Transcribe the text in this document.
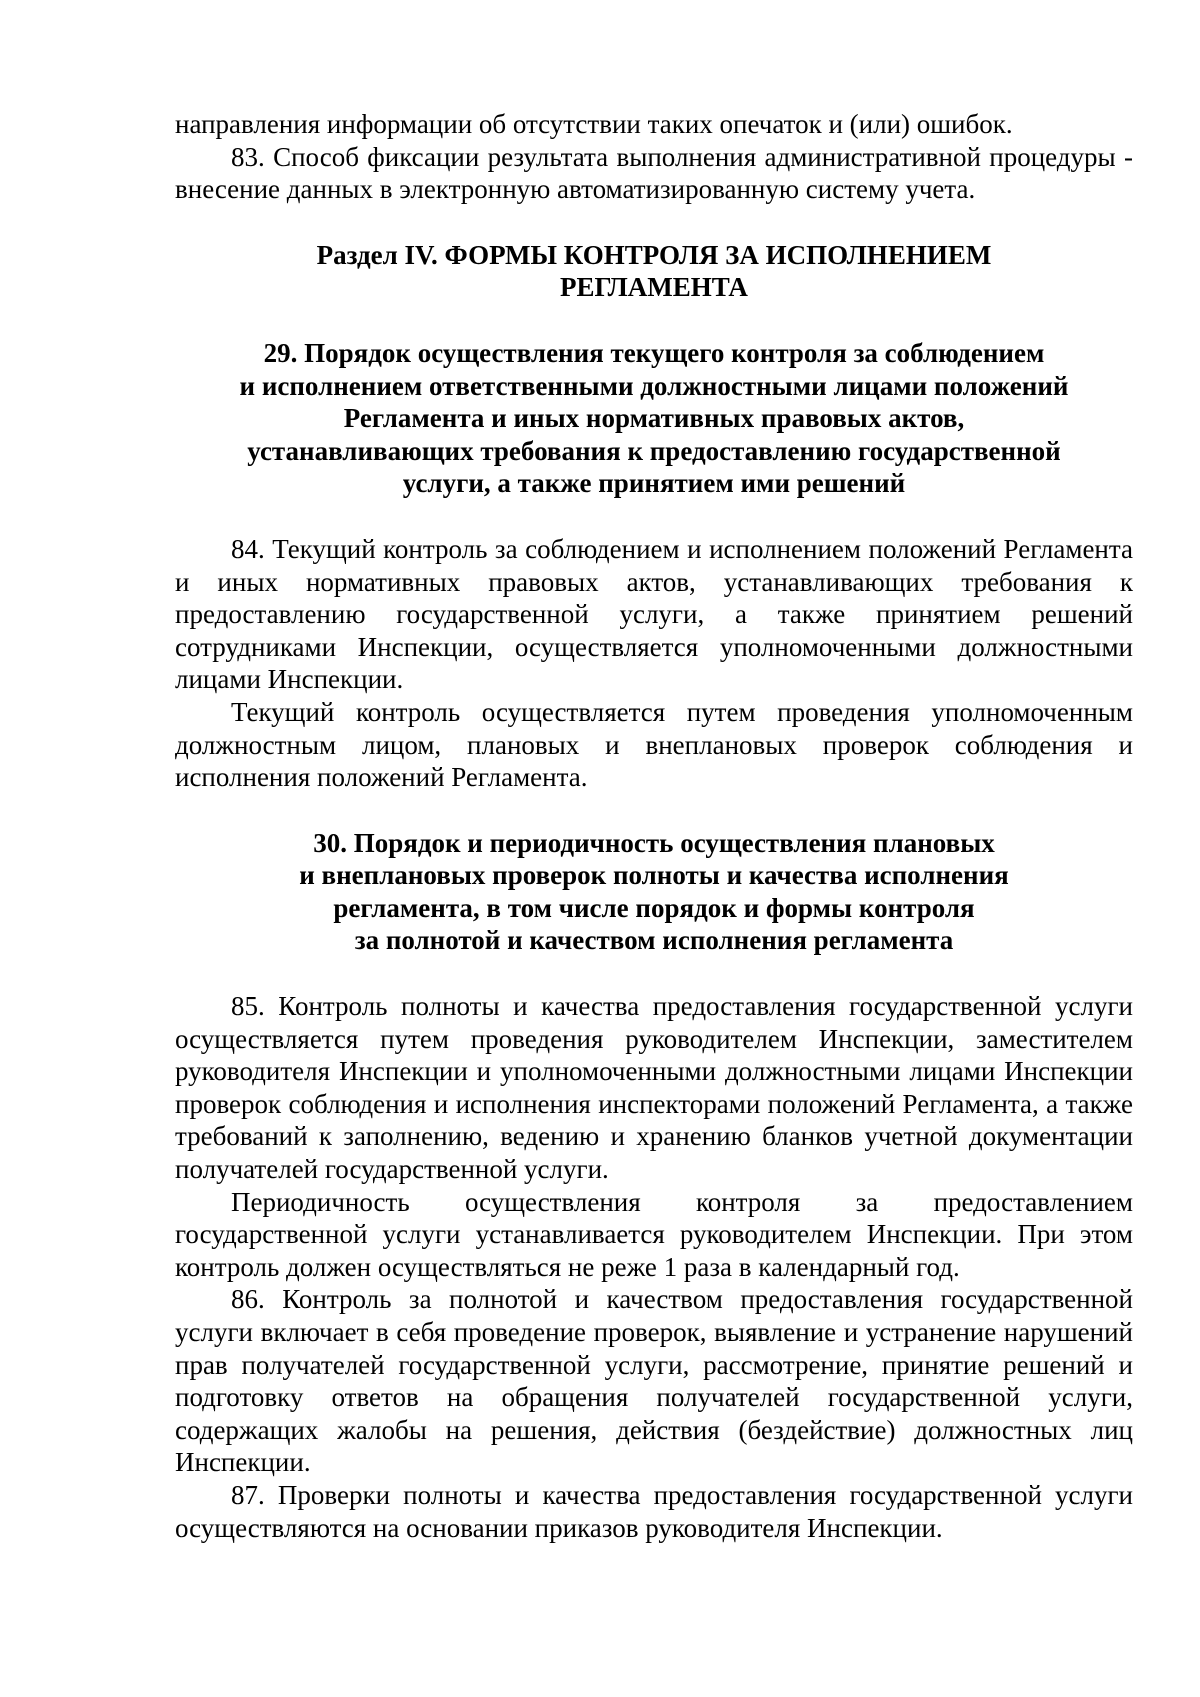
направления информации об отсутствии таких опечаток и (или) ошибок.

83. Способ фиксации результата выполнения административной процедуры - внесение данных в электронную автоматизированную систему учета.

Раздел IV. ФОРМЫ КОНТРОЛЯ ЗА ИСПОЛНЕНИЕМ
РЕГЛАМЕНТА
29. Порядок осуществления текущего контроля за соблюдением
и исполнением ответственными должностными лицами положений
Регламента и иных нормативных правовых актов,
устанавливающих требования к предоставлению государственной
услуги, а также принятием ими решений

84. Текущий контроль за соблюдением и исполнением положений Регламента и иных нормативных правовых актов, устанавливающих требования к предоставлению государственной услуги, а также принятием решений сотрудниками Инспекции, осуществляется уполномоченными должностными лицами Инспекции.

Текущий контроль осуществляется путем проведения уполномоченным должностным лицом, плановых и внеплановых проверок соблюдения и исполнения положений Регламента.

30. Порядок и периодичность осуществления плановых
и внеплановых проверок полноты и качества исполнения
регламента, в том числе порядок и формы контроля
за полнотой и качеством исполнения регламента

85. Контроль полноты и качества предоставления государственной услуги осуществляется путем проведения руководителем Инспекции, заместителем руководителя Инспекции и уполномоченными должностными лицами Инспекции проверок соблюдения и исполнения инспекторами положений Регламента, а также требований к заполнению, ведению и хранению бланков учетной документации получателей государственной услуги.

Периодичность осуществления контроля за предоставлением государственной услуги устанавливается руководителем Инспекции. При этом контроль должен осуществляться не реже 1 раза в календарный год.

86. Контроль за полнотой и качеством предоставления государственной услуги включает в себя проведение проверок, выявление и устранение нарушений прав получателей государственной услуги, рассмотрение, принятие решений и подготовку ответов на обращения получателей государственной услуги, содержащих жалобы на решения, действия (бездействие) должностных лиц Инспекции.

87. Проверки полноты и качества предоставления государственной услуги осуществляются на основании приказов руководителя Инспекции.
